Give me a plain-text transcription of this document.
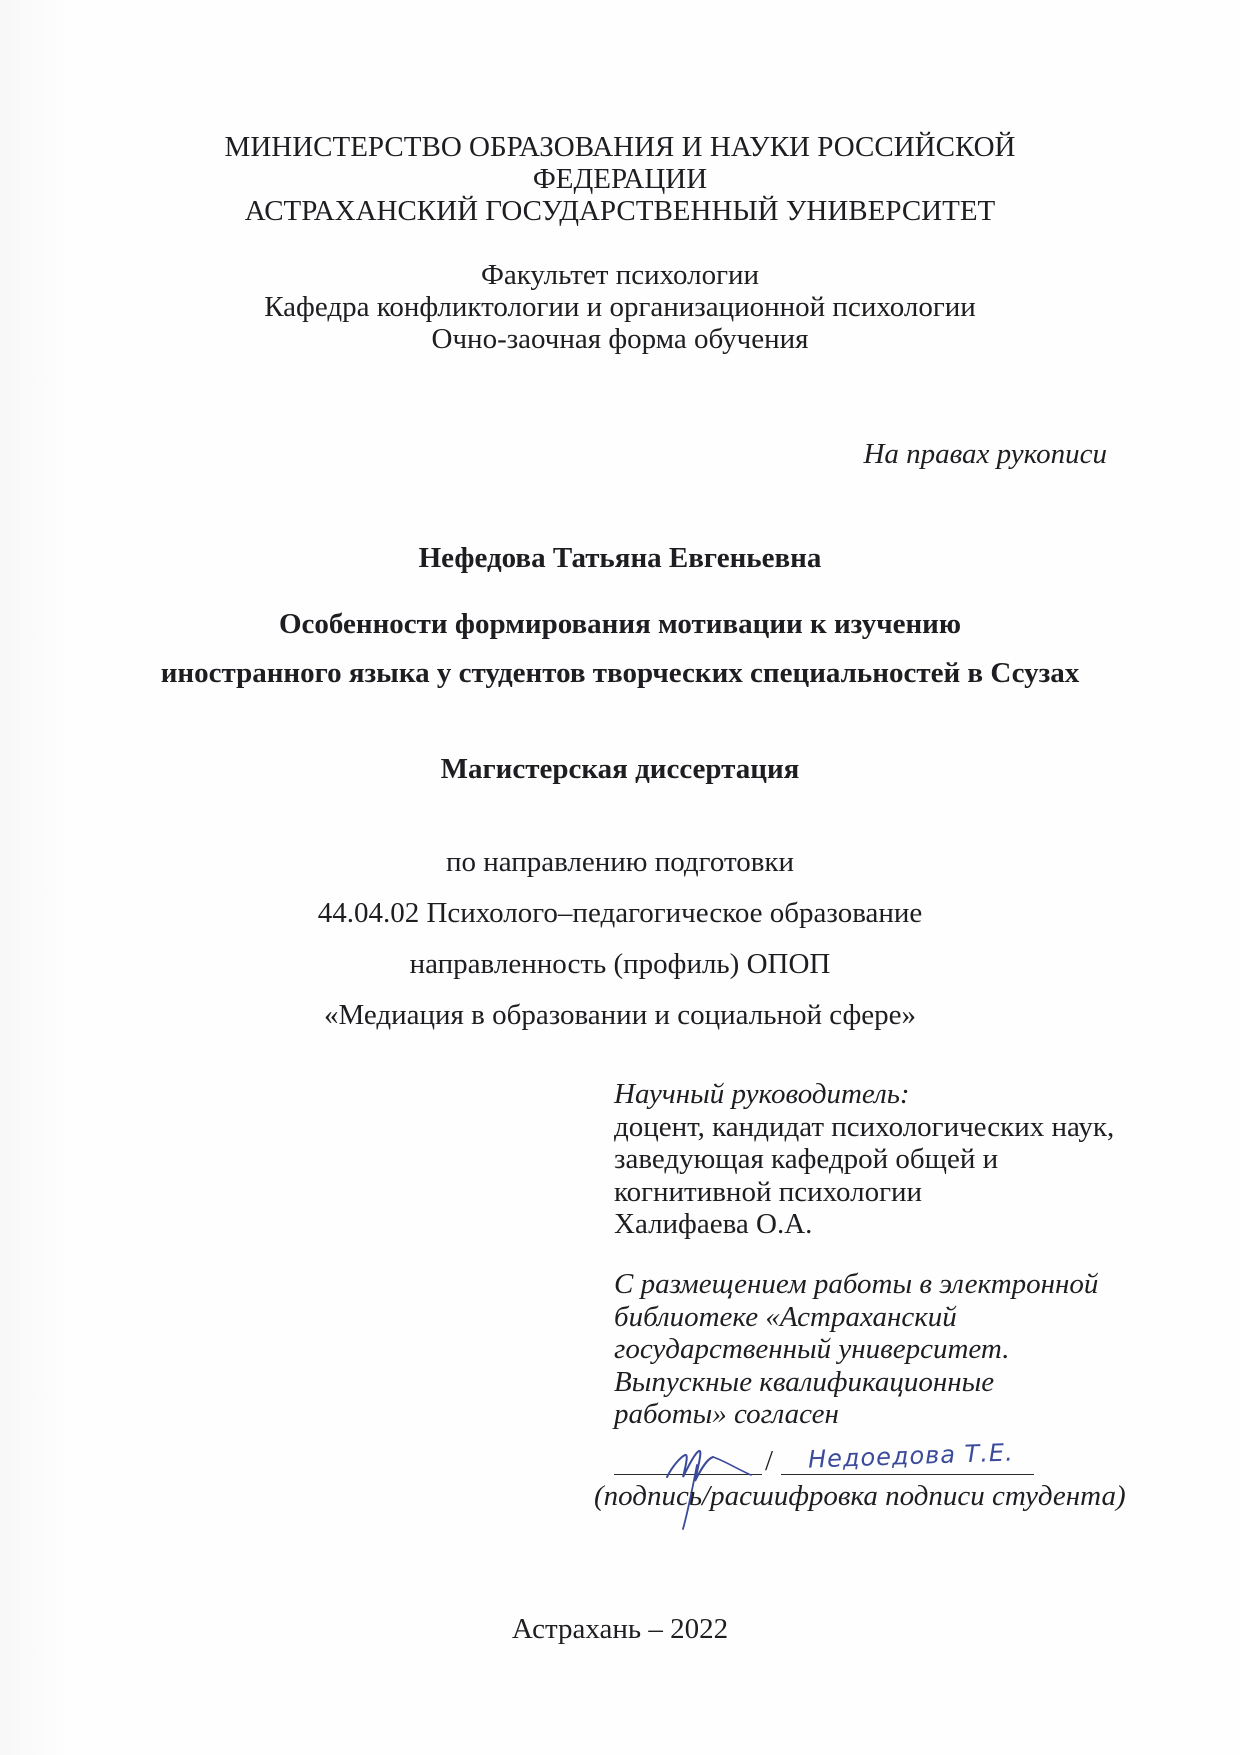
МИНИСТЕРСТВО ОБРАЗОВАНИЯ И НАУКИ РОССИЙСКОЙ
ФЕДЕРАЦИИ
АСТРАХАНСКИЙ ГОСУДАРСТВЕННЫЙ УНИВЕРСИТЕТ
Факультет психологии
Кафедра конфликтологии и организационной психологии
Очно-заочная форма обучения
На правах рукописи
Нефедова Татьяна Евгеньевна
Особенности формирования мотивации к изучению
иностранного языка у студентов творческих специальностей в Ссузах
Магистерская диссертация
по направлению подготовки
44.04.02 Психолого–педагогическое образование
направленность (профиль) ОПОП
«Медиация в образовании и социальной сфере»
Научный руководитель:
доцент, кандидат психологических наук,
заведующая кафедрой общей и
когнитивной психологии
Халифаева О.А.
С размещением работы в электронной
библиотеке «Астраханский
государственный университет.
Выпускные квалификационные
работы» согласен
/ Недоедова Т.Е.
(подпись/расшифровка подписи студента)
Астрахань – 2022
